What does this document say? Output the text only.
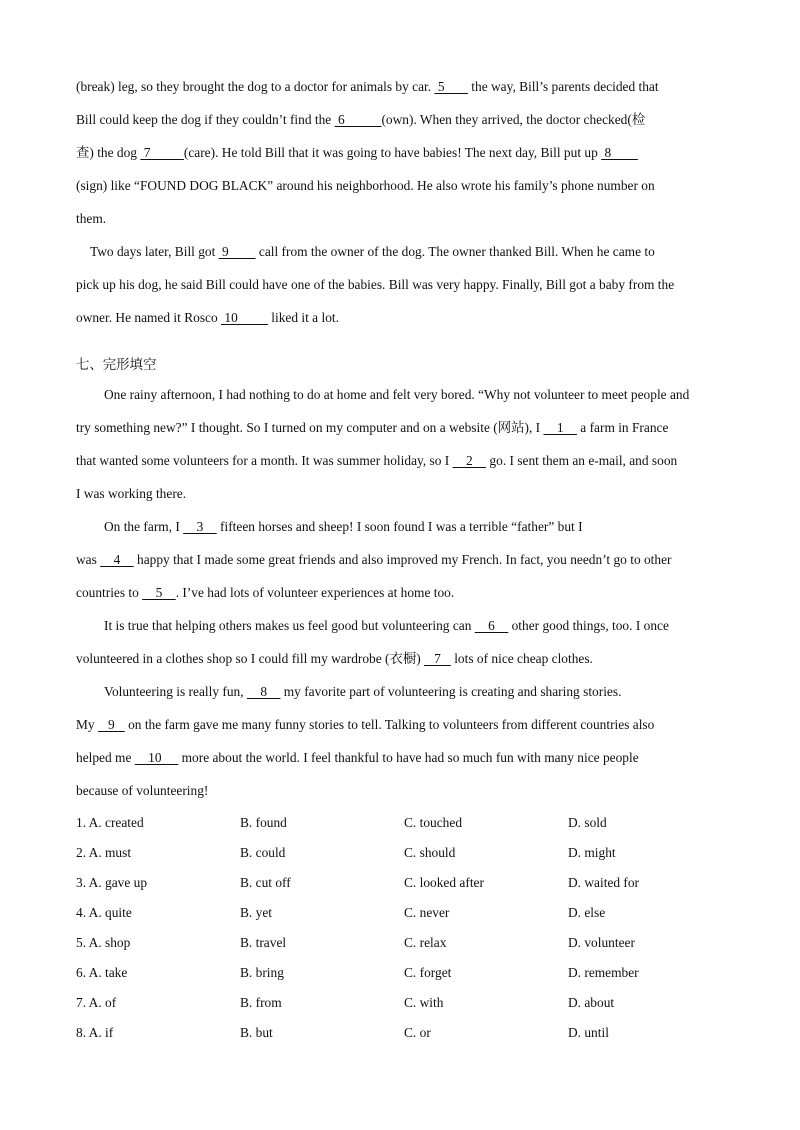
(break) leg, so they brought the dog to a doctor for animals by car.  5        the way, Bill’s parents decided that
Bill could keep the dog if they couldn’t find the  6           (own). When they arrived, the doctor checked(检
查) the dog  7          (care). He told Bill that it was going to have babies! The next day, Bill put up  8
(sign) like “FOUND DOG BLACK” around his neighborhood. He also wrote his family’s phone number on
them.
Two days later, Bill got  9         call from the owner of the dog. The owner thanked Bill. When he came to
pick up his dog, he said Bill could have one of the babies. Bill was very happy. Finally, Bill got a baby from the
owner. He named it Rosco  10          liked it a lot.
七、完形填空
One rainy afternoon, I had nothing to do at home and felt very bored. “Why not volunteer to meet people and
try something new?” I thought. So I turned on my computer and on a website (网站), I     1     a farm in France
that wanted some volunteers for a month. It was summer holiday, so I     2     go. I sent them an e-mail, and soon
I was working there.
On the farm, I     3     fifteen horses and sheep! I soon found I was a terrible “father” but I
was     4     happy that I made some great friends and also improved my French. In fact, you needn’t go to other
countries to     5    . I’ve had lots of volunteer experiences at home too.
It is true that helping others makes us feel good but volunteering can     6     other good things, too. I once
volunteered in a clothes shop so I could fill my wardrobe (衣橱)    7    lots of nice cheap clothes.
Volunteering is really fun,     8     my favorite part of volunteering is creating and sharing stories.
My    9    on the farm gave me many funny stories to tell. Talking to volunteers from different countries also
helped me     10      more about the world. I feel thankful to have had so much fun with many nice people
because of volunteering!
1. A. created	B. found	C. touched	D. sold
2. A. must	B. could	C. should	D. might
3. A. gave up	B. cut off	C. looked after	D. waited for
4. A. quite	B. yet	C. never	D. else
5. A. shop	B. travel	C. relax	D. volunteer
6. A. take	B. bring	C. forget	D. remember
7. A. of	B. from	C. with	D. about
8. A. if	B. but	C. or	D. until
